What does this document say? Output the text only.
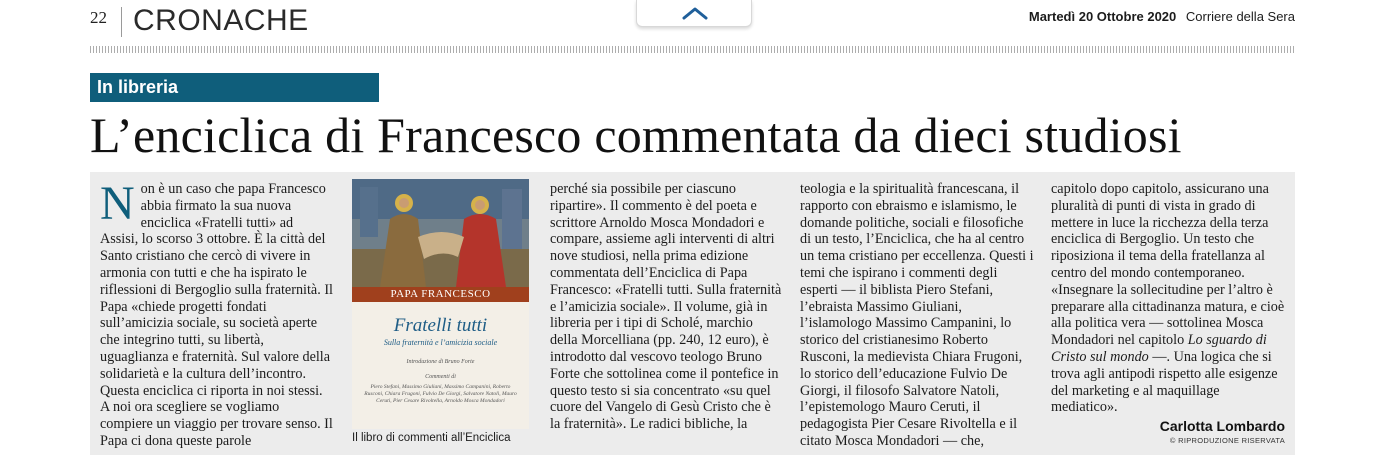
22 CRONACHE	Martedì 20 Ottobre 2020 Corriere della Sera
In libreria
L’enciclica di Francesco commentata da dieci studiosi

Non è un caso che papa Francesco abbia firmato la sua nuova enciclica «Fratelli tutti» ad Assisi, lo scorso 3 ottobre. È la città del Santo cristiano che cercò di vivere in armonia con tutti e che ha ispirato le riflessioni di Bergoglio sulla fraternità. Il Papa «chiede progetti fondati sull’amicizia sociale, su società aperte che integrino tutti, su libertà, uguaglianza e fraternità. Sul valore della solidarietà e la cultura dell’incontro. Questa enciclica ci riporta in noi stessi.

A noi ora scegliere se vogliamo compiere un viaggio per trovare senso. Il Papa ci dona queste parole

PAPA FRANCESCO
Fratelli tutti
Sulla fraternità e l’amicizia sociale
Introduzione di Bruno Forte
Commenti di
Piero Stefani, Massimo Giuliani, Massimo Campanini, Roberto Rusconi, Chiara Frugoni, Fulvio De Giorgi, Salvatore Natoli, Mauro Ceruti, Pier Cesare Rivoltella, Arnoldo Mosca Mondadori
Il libro di commenti all’Enciclica

perché sia possibile per ciascuno ripartire». Il commento è del poeta e scrittore Arnoldo Mosca Mondadori e compare, assieme agli interventi di altri nove studiosi, nella prima edizione commentata dell’Enciclica di Papa Francesco: «Fratelli tutti. Sulla fraternità e l’amicizia sociale». Il volume, già in libreria per i tipi di Scholé, marchio della Morcelliana (pp. 240, 12 euro), è introdotto dal vescovo teologo Bruno Forte che sottolinea come il pontefice in questo testo si sia concentrato «su quel cuore del Vangelo di Gesù Cristo che è la fraternità». Le radici bibliche, la

teologia e la spiritualità francescana, il rapporto con ebraismo e islamismo, le domande politiche, sociali e filosofiche di un testo, l’Enciclica, che ha al centro un tema cristiano per eccellenza. Questi i temi che ispirano i commenti degli esperti — il biblista Piero Stefani, l’ebraista Massimo Giuliani, l’islamologo Massimo Campanini, lo storico del cristianesimo Roberto Rusconi, la medievista Chiara Frugoni, lo storico dell’educazione Fulvio De Giorgi, il filosofo Salvatore Natoli, l’epistemologo Mauro Ceruti, il pedagogista Pier Cesare Rivoltella e il citato Mosca Mondadori — che,

capitolo dopo capitolo, assicurano una pluralità di punti di vista in grado di mettere in luce la ricchezza della terza enciclica di Bergoglio. Un testo che riposiziona il tema della fratellanza al centro del mondo contemporaneo.

«Insegnare la sollecitudine per l’altro è preparare alla cittadinanza matura, e cioè alla politica vera — sottolinea Mosca Mondadori nel capitolo Lo sguardo di Cristo sul mondo —. Una logica che si trova agli antipodi rispetto alle esigenze del marketing e al maquillage mediatico».

Carlotta Lombardo
© RIPRODUZIONE RISERVATA
